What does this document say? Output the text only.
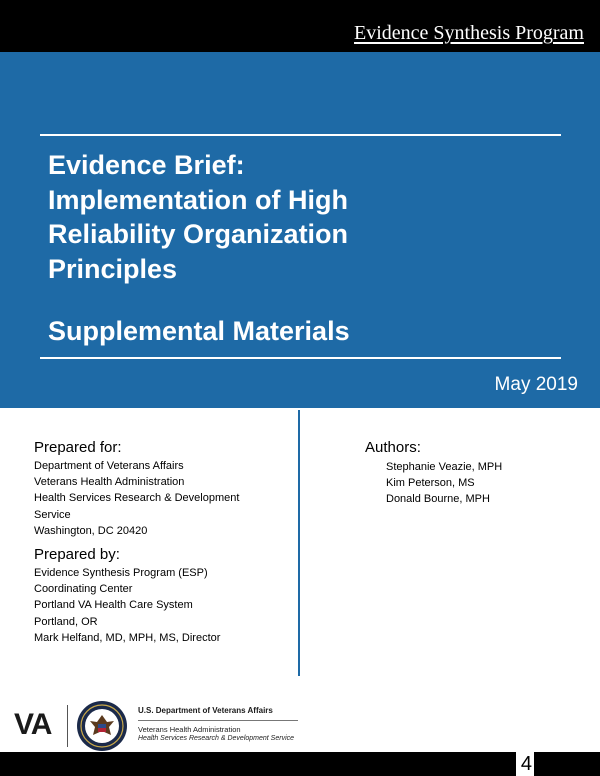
Evidence Synthesis Program
Evidence Brief:
Implementation of High
Reliability Organization
Principles
Supplemental Materials
May 2019
Prepared for:
Department of Veterans Affairs
Veterans Health Administration
Health Services Research & Development
Service
Washington, DC 20420
Prepared by:
Evidence Synthesis Program (ESP)
Coordinating Center
Portland VA Health Care System
Portland, OR
Mark Helfand, MD, MPH, MS, Director
Authors:
Stephanie Veazie, MPH
Kim Peterson, MS
Donald Bourne, MPH
VA	U.S. Department of Veterans Affairs
Veterans Health Administration
Health Services Research & Development Service
4
